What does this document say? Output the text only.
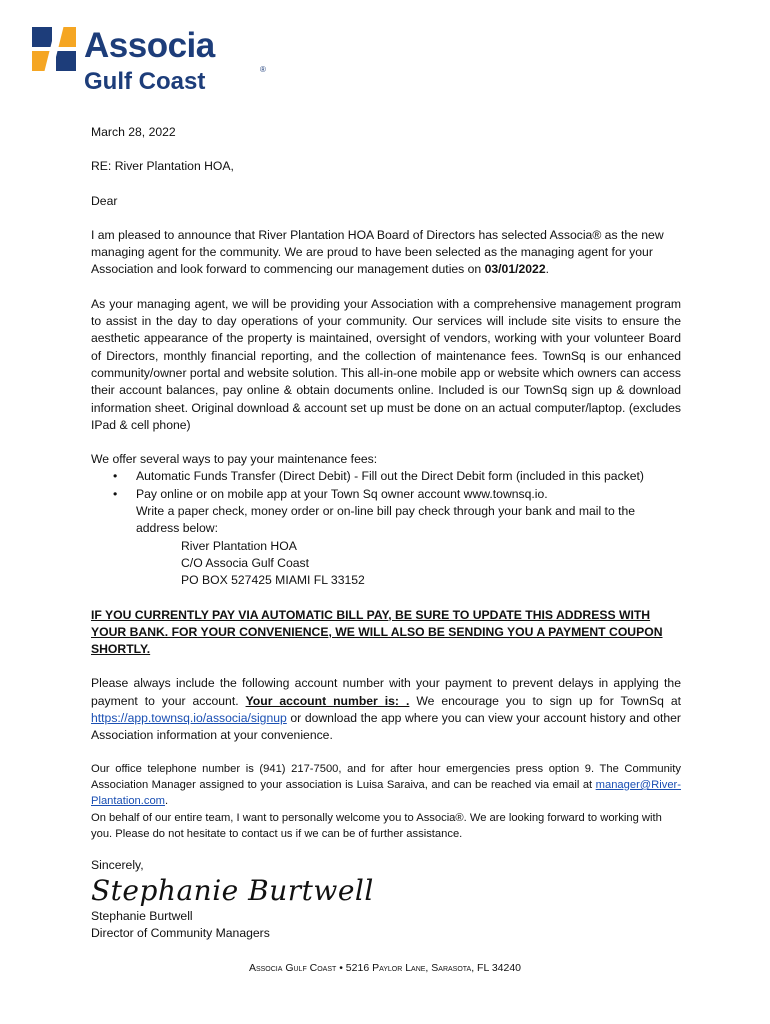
Associa
®
Gulf Coast

March 28, 2022

RE: River Plantation HOA,

Dear

I am pleased to announce that River Plantation HOA Board of Directors has selected Associa® as the new managing agent for the community. We are proud to have been selected as the managing agent for your Association and look forward to commencing our management duties on 03/01/2022.

As your managing agent, we will be providing your Association with a comprehensive management program to assist in the day to day operations of your community. Our services will include site visits to ensure the aesthetic appearance of the property is maintained, oversight of vendors, working with your volunteer Board of Directors, monthly financial reporting, and the collection of maintenance fees. TownSq is our enhanced community/owner portal and website solution. This all-in-one mobile app or website which owners can access their account balances, pay online & obtain documents online. Included is our TownSq sign up & download information sheet. Original download & account set up must be done on an actual computer/laptop. (excludes IPad & cell phone)

We offer several ways to pay your maintenance fees:

• Automatic Funds Transfer (Direct Debit) - Fill out the Direct Debit form (included in this packet)
• Pay online or on mobile app at your Town Sq owner account www.townsq.io.
Write a paper check, money order or on-line bill pay check through your bank and mail to the address below:
River Plantation HOA
C/O Associa Gulf Coast
PO BOX 527425 MIAMI FL 33152

IF YOU CURRENTLY PAY VIA AUTOMATIC BILL PAY, BE SURE TO UPDATE THIS ADDRESS WITH YOUR BANK. FOR YOUR CONVENIENCE, WE WILL ALSO BE SENDING YOU A PAYMENT COUPON SHORTLY.

Please always include the following account number with your payment to prevent delays in applying the payment to your account. Your account number is: . We encourage you to sign up for TownSq at https://app.townsq.io/associa/signup or download the app where you can view your account history and other Association information at your convenience.

Our office telephone number is (941) 217-7500, and for after hour emergencies press option 9. The Community Association Manager assigned to your association is Luisa Saraiva, and can be reached via email at manager@River-Plantation.com.

On behalf of our entire team, I want to personally welcome you to Associa®. We are looking forward to working with you. Please do not hesitate to contact us if we can be of further assistance.

Sincerely,

Stephanie Burtwell

Stephanie Burtwell

Director of Community Managers

Associa Gulf Coast • 5216 Paylor Lane, Sarasota, FL 34240
